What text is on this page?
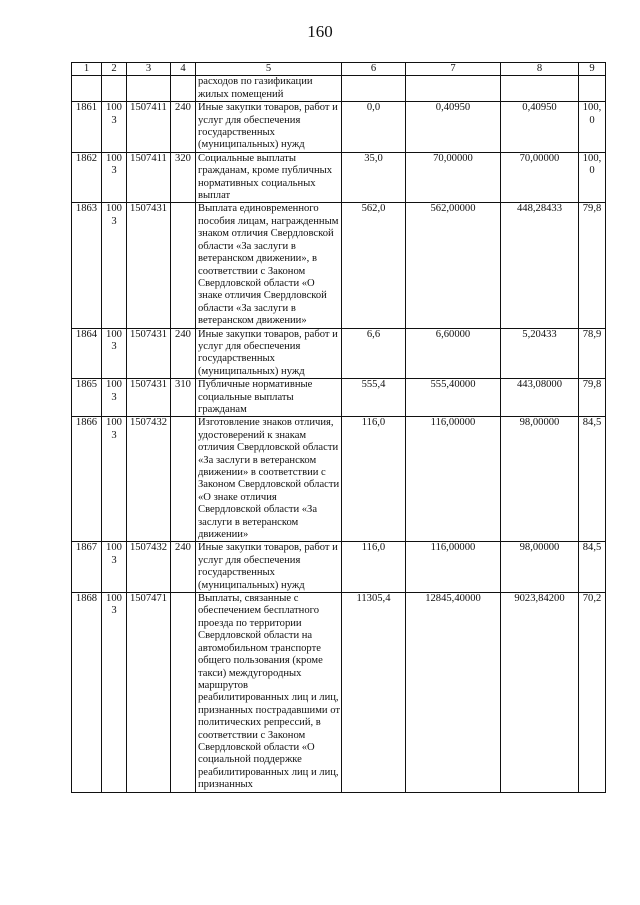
160
1	2	3	4	5	6	7	8	9
				расходов по газификации жилых помещений				
1861	1003	1507411	240	Иные закупки товаров, работ и услуг для обеспечения государственных (муниципальных) нужд	0,0	0,40950	0,40950	100,0
1862	1003	1507411	320	Социальные выплаты гражданам, кроме публичных нормативных социальных выплат	35,0	70,00000	70,00000	100,0
1863	1003	1507431		Выплата единовременного пособия лицам, награжденным знаком отличия Свердловской области «За заслуги в ветеранском движении», в соответствии с Законом Свердловской области «О знаке отличия Свердловской области «За заслуги в ветеранском движении»	562,0	562,00000	448,28433	79,8
1864	1003	1507431	240	Иные закупки товаров, работ и услуг для обеспечения государственных (муниципальных) нужд	6,6	6,60000	5,20433	78,9
1865	1003	1507431	310	Публичные нормативные социальные выплаты гражданам	555,4	555,40000	443,08000	79,8
1866	1003	1507432		Изготовление знаков отличия, удостоверений к знакам отличия Свердловской области «За заслуги в ветеранском движении» в соответствии с Законом Свердловской области «О знаке отличия Свердловской области «За заслуги в ветеранском движении»	116,0	116,00000	98,00000	84,5
1867	1003	1507432	240	Иные закупки товаров, работ и услуг для обеспечения государственных (муниципальных) нужд	116,0	116,00000	98,00000	84,5
1868	1003	1507471		Выплаты, связанные с обеспечением бесплатного проезда по территории Свердловской области на автомобильном транспорте общего пользования (кроме такси) междугородных маршрутов реабилитированных лиц и лиц, признанных пострадавшими от политических репрессий, в соответствии с Законом Свердловской области «О социальной поддержке реабилитированных лиц и лиц, признанных	11305,4	12845,40000	9023,84200	70,2
